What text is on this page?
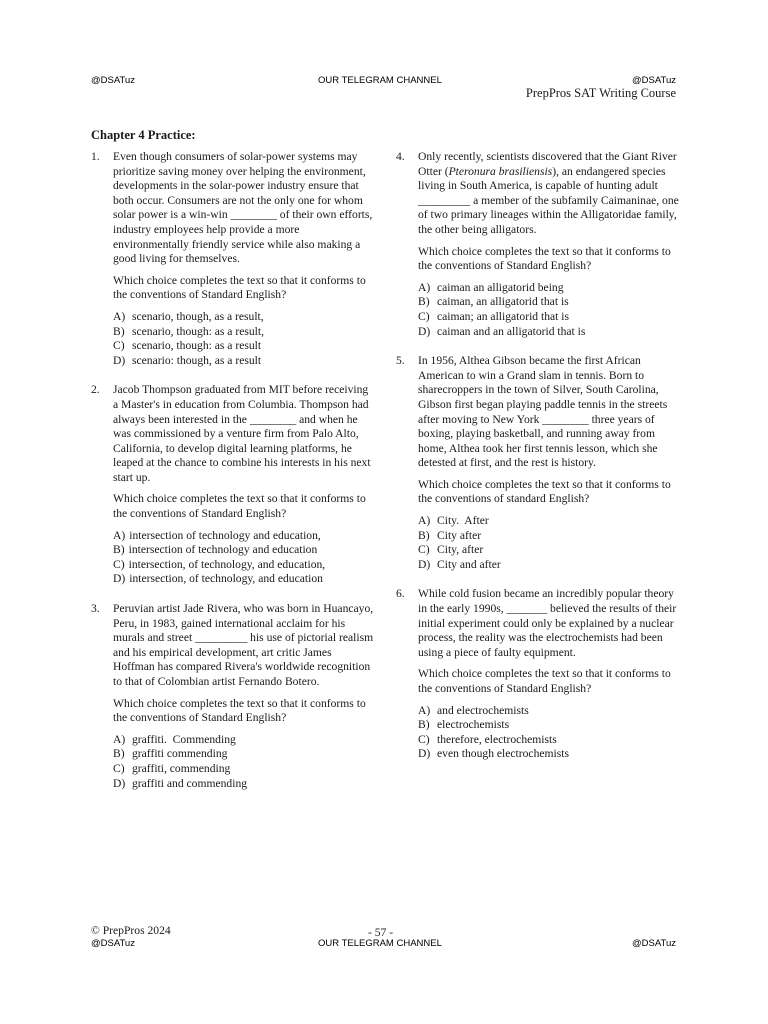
@DSATuz	OUR TELEGRAM CHANNEL	@DSATuz
PrepPros SAT Writing Course
Chapter 4 Practice:
1. Even though consumers of solar-power systems may prioritize saving money over helping the environment, developments in the solar-power industry ensure that both occur. Consumers are not the only one for whom solar power is a win-win ________ of their own efforts, industry employees help provide a more environmentally friendly service while also making a good living for themselves.

Which choice completes the text so that it conforms to the conventions of Standard English?

A) scenario, though, as a result,
B) scenario, though: as a result,
C) scenario, though: as a result
D) scenario: though, as a result
2. Jacob Thompson graduated from MIT before receiving a Master's in education from Columbia. Thompson had always been interested in the ________ and when he was commissioned by a venture firm from Palo Alto, California, to develop digital learning platforms, he leaped at the chance to combine his interests in his next start up.

Which choice completes the text so that it conforms to the conventions of Standard English?

A) intersection of technology and education,
B) intersection of technology and education
C) intersection, of technology, and education,
D) intersection, of technology, and education
3. Peruvian artist Jade Rivera, who was born in Huancayo, Peru, in 1983, gained international acclaim for his murals and street _________ his use of pictorial realism and his empirical development, art critic James Hoffman has compared Rivera's worldwide recognition to that of Colombian artist Fernando Botero.

Which choice completes the text so that it conforms to the conventions of Standard English?

A) graffiti.  Commending
B) graffiti commending
C) graffiti, commending
D) graffiti and commending
4. Only recently, scientists discovered that the Giant River Otter (Pteronura brasiliensis), an endangered species living in South America, is capable of hunting adult _________ a member of the subfamily Caimaninae, one of two primary lineages within the Alligatoridae family, the other being alligators.

Which choice completes the text so that it conforms to the conventions of Standard English?

A) caiman an alligatorid being
B) caiman, an alligatorid that is
C) caiman; an alligatorid that is
D) caiman and an alligatorid that is
5. In 1956, Althea Gibson became the first African American to win a Grand slam in tennis. Born to sharecroppers in the town of Silver, South Carolina, Gibson first began playing paddle tennis in the streets after moving to New York ________ three years of boxing, playing basketball, and running away from home, Althea took her first tennis lesson, which she detested at first, and the rest is history.

Which choice completes the text so that it conforms to the conventions of standard English?

A) City.  After
B) City after
C) City, after
D) City and after
6. While cold fusion became an incredibly popular theory in the early 1990s, _______ believed the results of their initial experiment could only be explained by a nuclear process, the reality was the electrochemists had been using a piece of faulty equipment.

Which choice completes the text so that it conforms to the conventions of Standard English?

A) and electrochemists
B) electrochemists
C) therefore, electrochemists
D) even though electrochemists
© PrepPros 2024	- 57 -
@DSATuz	OUR TELEGRAM CHANNEL	@DSATuz
